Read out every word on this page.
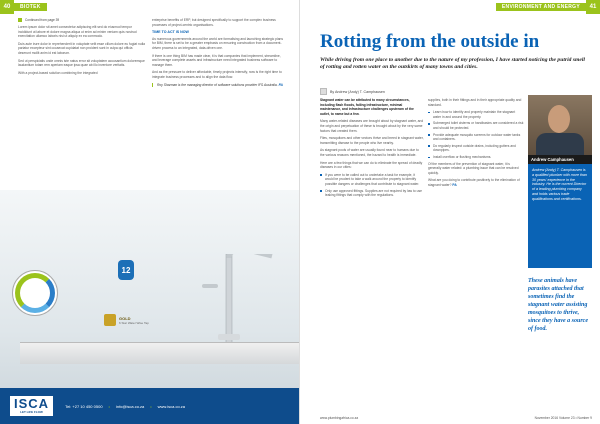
40	BIOTEK
Continued from page 39

Lorem ipsum dolor sit amet consectetur adipiscing elit sed do eiusmod tempor incididunt ut labore et dolore magna aliqua ut enim ad minim veniam quis nostrud exercitation ullamco laboris nisi ut aliquip ex ea commodo.

Duis aute irure dolor in reprehenderit in voluptate velit esse cillum dolore eu fugiat nulla pariatur excepteur sint occaecat cupidatat non proident sunt in culpa qui officia deserunt mollit anim id est laborum.

Sed ut perspiciatis unde omnis iste natus error sit voluptatem accusantium doloremque laudantium totam rem aperiam eaque ipsa quae ab illo inventore veritatis.

With a project-based solution combining the integrated

enterprise benefits of ERP, but designed specifically to support the complex business processes of project-centric organisations.

TIME TO ACT IS NOW

As numerous governments around the world are formalising and launching strategic plans for BIM, there is set to be a greater emphasis on ensuring construction from a document-driven process to an integrated, data-driven one.

If there is one thing BIM has made clear, it is that companies that implement, streamline, and leverage complete assets and infrastructure need integrated business software to manage them.

And as the pressure to deliver affordable, timely projects intensify, now is the right time to integrate business processes and to align the data flow.

Roy Sharman is the managing director of software solutions provider IFS Australia. PA
12
GOLD
6 Star Water Wise Tap
ISCA
LET LIFE FLOW
Tel: +27 10 450 0500 • info@isca.co.za • www.isca.co.za
ENVIRONMENT AND ENERGY	41
Rotting from the outside in
While driving from one place to another due to the nature of my profession, I have started noticing the putrid smell of rotting and rotten water on the outskirts of many towns and cities.
By Andrew (Andy) T. Camphausen

Stagnant water can be attributed to many circumstances, including flash floods, failing infrastructure, minimal maintenance, and infrastructure challenges upstream of the outlet, to name but a few.

Many water-related diseases are brought about by stagnant water, and the origin and perpetuation of these is brought about by the very same factors that created them.

Flies, mosquitoes and other vectors thrive and breed in stagnant water, transmitting disease to the people who live nearby.

As stagnant pools of water are usually found near to humans due to the various reasons mentioned, the hazard to health is immediate.

Here are a few things that we can do to eliminate the spread of deadly diseases in our cities:

If you were to be called out to undertake a task for example, it would be prudent to take a walk around the property to identify possible dangers or challenges that contribute to stagnant water.
Only use approved fittings. Supplies are not required by law to use leaking fittings that comply with the regulations.

supplies, both in their fittings and in their appropriate quality and standard.

Learn how to identify and properly maintain the stagnant water in and around the property.
Submerged toilet cisterns or handbasins are considered a risk and should be protected.
Provide adequate mosquito screens for outdoor water tanks and containers.
Do regularly inspect outside drains, including gutters and downpipes.
Install overflow or flushing mechanisms.

Of the members of the prevention of stagnant water, it is generally water related: a plumbing issue that can be resolved quickly.

What are you doing to contribute positively to the elimination of stagnant water? PA

Andrew Camphausen
Andrew (Andy) T. Camphausen is a qualified plumber with more than 30 years' experience in the industry. He is the current Director of a leading plumbing company and holds various trade qualifications and certifications.
These animals have parasites attached that sometimes find the stagnant water assisting mosquitoes to thrive, since they have a source of food.
www.plumbingafrica.co.za	November 2016 Volume 23 • Number 9
